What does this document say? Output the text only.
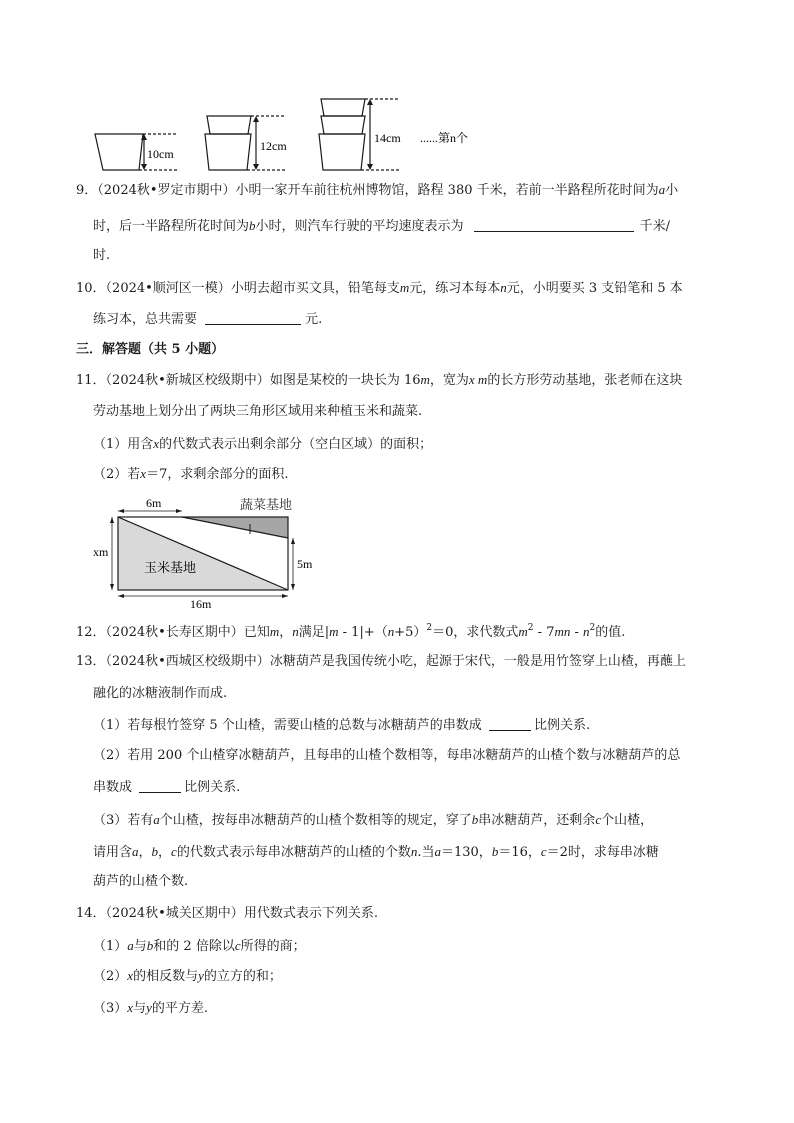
10cm
12cm
14cm ......第n个
9．（2024秋•罗定市期中）小明一家开车前往杭州博物馆，路程 380 千米，若前一半路程所花时间为a小
时，后一半路程所花时间为b小时，则汽车行驶的平均速度表示为	千米/
时.
10．（2024•顺河区一模）小明去超市买文具，铅笔每支m元，练习本每本n元，小明要买 3 支铅笔和 5 本
练习本，总共需要	元.
三．解答题（共 5 小题）
11．（2024秋•新城区校级期中）如图是某校的一块长为 16m，宽为x m的长方形劳动基地，张老师在这块
劳动基地上划分出了两块三角形区域用来种植玉米和蔬菜.
（1）用含x的代数式表示出剩余部分（空白区域）的面积；
（2）若x＝7，求剩余部分的面积.
6m	蔬菜基地
xm
玉米基地	5m
16m
12．（2024秋•长寿区期中）已知m，n满足$|m - 1|+(n+5)^2=0$，求代数式$m^2 - 7mn - n^2$的值.
13．（2024秋•西城区校级期中）冰糖葫芦是我国传统小吃，起源于宋代，一般是用竹签穿上山楂，再蘸上
融化的冰糖液制作而成.
（1）若每根竹签穿 5 个山楂，需要山楂的总数与冰糖葫芦的串数成	比例关系.
（2）若用 200 个山楂穿冰糖葫芦，且每串的山楂个数相等，每串冰糖葫芦的山楂个数与冰糖葫芦的总
串数成	比例关系.
（3）若有a个山楂，按每串冰糖葫芦的山楂个数相等的规定，穿了b串冰糖葫芦，还剩余c个山楂，
请用含a，b，c的代数式表示每串冰糖葫芦的山楂的个数n.当a＝130，b＝16，c＝2时，求每串冰糖
葫芦的山楂个数.
14．（2024秋•城关区期中）用代数式表示下列关系.
（1）a与b和的 2 倍除以c所得的商；
（2）x的相反数与y的立方的和；
（3）x与y的平方差.
